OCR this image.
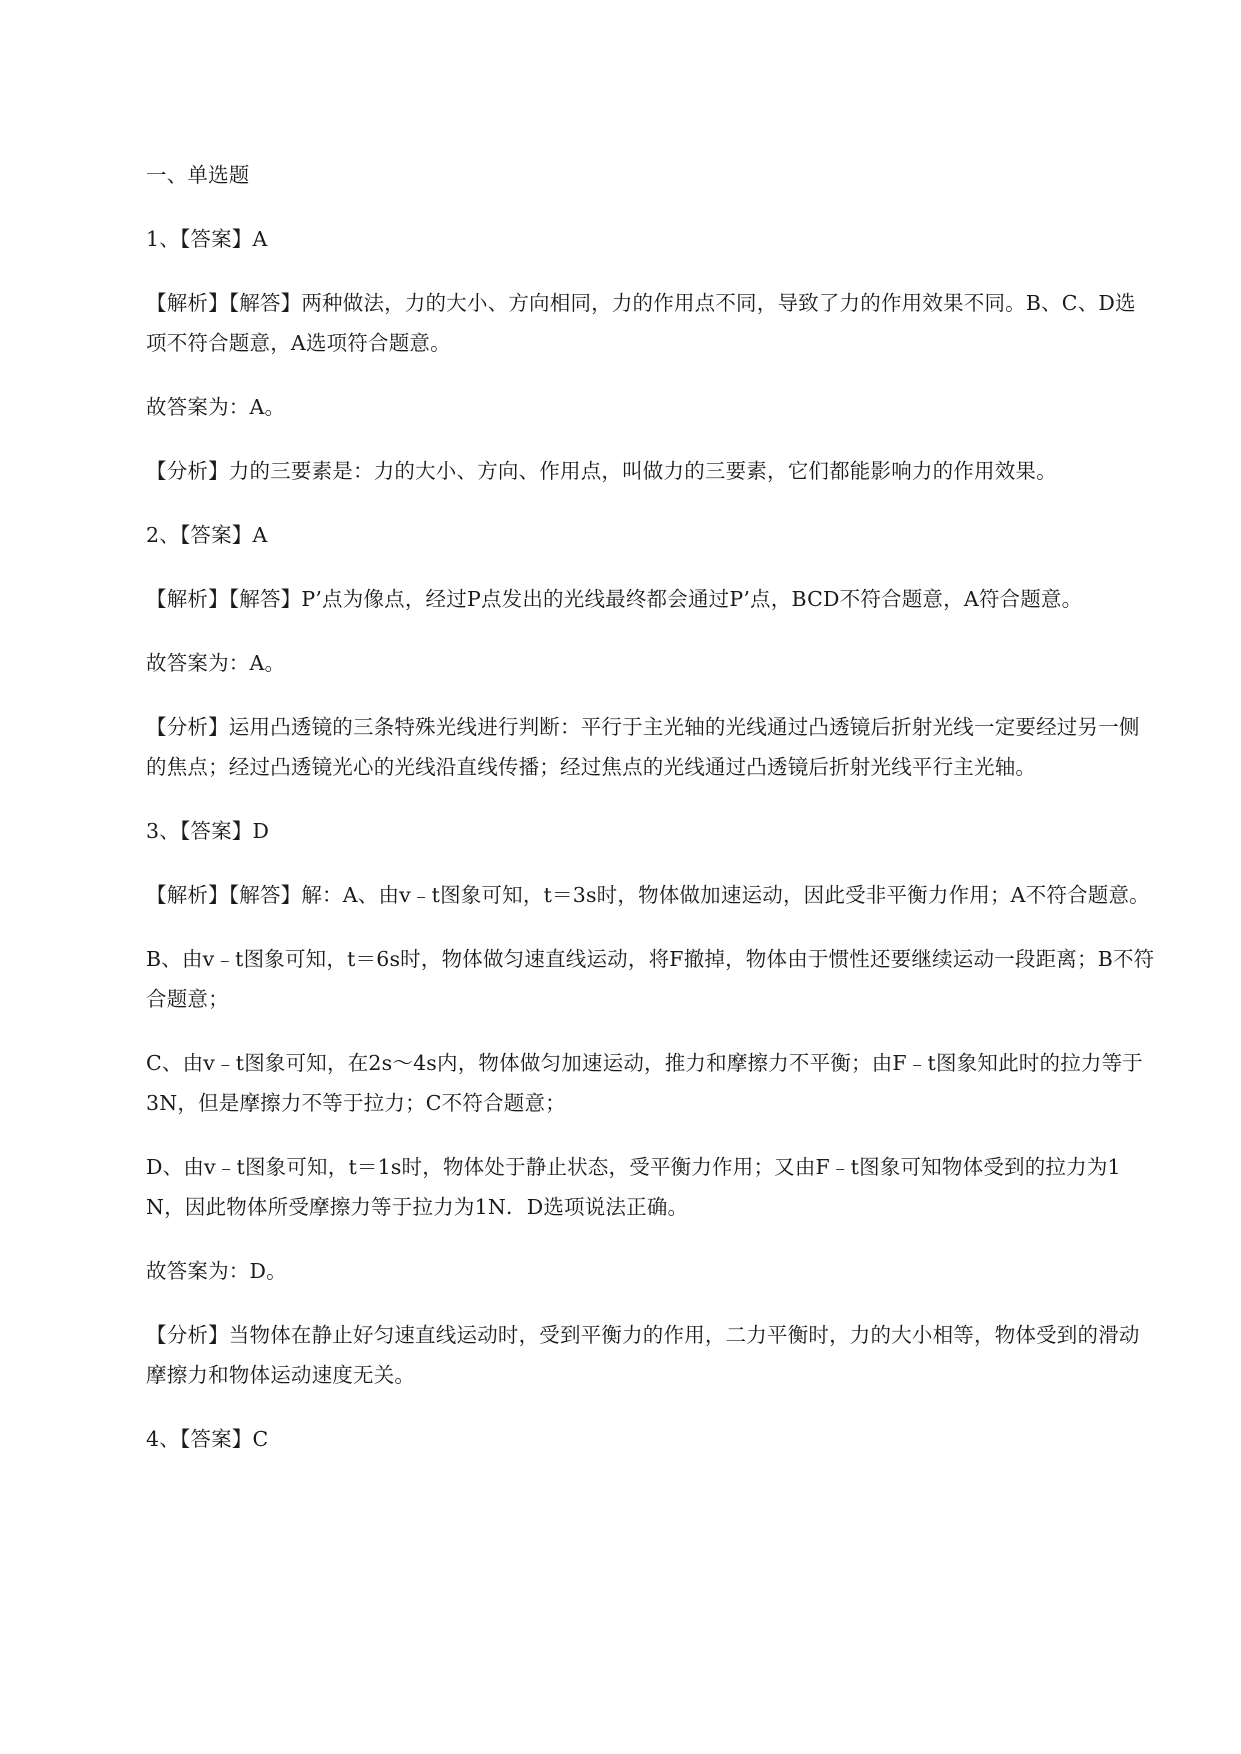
一、单选题

1、【答案】A

【解析】【解答】两种做法，力的大小、方向相同，力的作用点不同，导致了力的作用效果不同。B、C、D选项不符合题意，A选项符合题意。

故答案为：A。

【分析】力的三要素是：力的大小、方向、作用点，叫做力的三要素，它们都能影响力的作用效果。

2、【答案】A

【解析】【解答】P’点为像点，经过P点发出的光线最终都会通过P’点，BCD不符合题意，A符合题意。

故答案为：A。

【分析】运用凸透镜的三条特殊光线进行判断：平行于主光轴的光线通过凸透镜后折射光线一定要经过另一侧的焦点；经过凸透镜光心的光线沿直线传播；经过焦点的光线通过凸透镜后折射光线平行主光轴。

3、【答案】D

【解析】【解答】解：A、由v﹣t图象可知，t＝3s时，物体做加速运动，因此受非平衡力作用；A不符合题意。

B、由v﹣t图象可知，t＝6s时，物体做匀速直线运动，将F撤掉，物体由于惯性还要继续运动一段距离；B不符合题意；

C、由v﹣t图象可知，在2s～4s内，物体做匀加速运动，推力和摩擦力不平衡；由F﹣t图象知此时的拉力等于3N，但是摩擦力不等于拉力；C不符合题意；

D、由v﹣t图象可知，t＝1s时，物体处于静止状态，受平衡力作用；又由F﹣t图象可知物体受到的拉力为1N，因此物体所受摩擦力等于拉力为1N．D选项说法正确。

故答案为：D。

【分析】当物体在静止好匀速直线运动时，受到平衡力的作用，二力平衡时，力的大小相等，物体受到的滑动摩擦力和物体运动速度无关。

4、【答案】C
